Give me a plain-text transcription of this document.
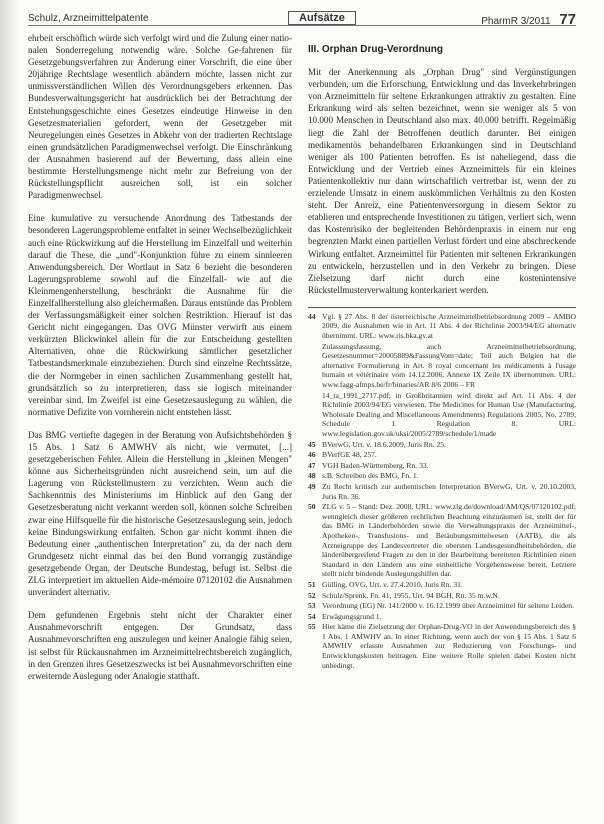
Schulz, Arzneimittelpatente	Aufsätze	PharmR 3/2011 77

ehrbeit erschöflich würde sich verfolgt wird und die Zulung einer natio-nalen Sonderregelung notwendig wäre. Solche Ge-fahrenen für Gesetzgebungsverfahren zur Änderung einer Vorschrift, die eine über 20jährige Rechtslage wesentlich abändern möchte, lassen nicht zur unmissverständlichen Willen des Verordnungsgebers erkennen. Das Bundesverwaltungsgericht hat ausdrücklich bei der Betrachtung der Entstehungsgeschichte eines Gesetzes eindeutige Hinweise in den Gesetzesmaterialien gefordert, wenn der Gesetzgeber mit Neuregelungen eines Gesetzes in Abkehr von der tradierten Rechtslage einen grundsätzlichen Paradigmenwechsel verfolgt. Die Einschränkung der Ausnahmen basierend auf der Bewertung, dass allein eine bestimmte Herstellungsmenge nicht mehr zur Befreiung von der Rückstellungspflicht ausreichen soll, ist ein solcher Paradigmenwechsel.

Eine kumulative zu versuchende Anordnung des Tatbestands der besonderen Lagerungsprobleme entfaltet in seiner Wechselbezüglichkeit auch eine Rückwirkung auf die Herstellung im Einzelfall und weiterhin darauf die These, die „und"-Konjunktion führe zu einem sinnleeren Anwendungsbereich. Der Wortlaut in Satz 6 bezieht die besonderen Lagerungsprobleme sowohl auf die Einzelfall- wie auf die Kleinmengenherstellung, beschränkt die Ausnahme für die Einzelfallherstellung also gleichermaßen. Daraus entstünde das Problem der Verfassungsmäßigkeit einer solchen Restriktion. Hierauf ist das Gericht nicht eingegangen. Das OVG Münster verwirft aus einem verkürzten Blickwinkel allein für die zur Entscheidung gestellten Alternativen, ohne die Rückwirkung sämtlicher gesetzlicher Tatbestandsmerkmale einzubeziehen. Durch sind einzelne Rechtssätze, die der Normgeber in einen sachlichen Zusammenhang gestellt hat, grundsätzlich so zu interpretieren, dass sie logisch miteinander vereinbar sind. Im Zweifel ist eine Gesetzesauslegung zu wählen, die normative Defizite von vornherein nicht entstehen lässt.

Das BMG vertiefte dagegen in der Beratung von Aufsichtsbehörden § 15 Abs. 1 Satz 6 AMWHV als nicht, wie vermutet, [...] gesetzgeberischen Fehler. Allein die Herstellung in „kleinen Mengen" könne aus Sicherheitsgründen nicht ausreichend sein, um auf die Lagerung von Rückstellmustern zu verzichten. Wenn auch die Sachkenntnis des Ministeriums im Hinblick auf den Gang der Gesetzesberatung nicht verkannt werden soll, können solche Schreiben zwar eine Hilfsquelle für die historische Gesetzesauslegung sein, jedoch keine Bindungswirkung entfalten. Schon gar nicht kommt ihnen die Bedeutung einer „authentischen Interpretation" zu, da der nach dem Grundgesetz nicht einmal das bei den Bund vorrangig zuständige gesetzgebende Organ, der Deutsche Bundestag, befugt ist. Selbst die ZLG interpretiert im aktuellen Aide-mémoire 07120102 die Ausnahmen unverändert alternativ.

Dem gefundenen Ergebnis steht nicht der Charakter einer Ausnahmevorschrift entgegen. Der Grundsatz, dass Ausnahmevorschriften eng auszulegen und keiner Analogie fähig seien, ist selbst für Rückausnahmen im Arzneimittelrechtsbereich zugänglich, in den Grenzen ihres Gesetzeszwecks ist bei Ausnahmevorschriften eine erweiternde Auslegung oder Analogie statthaft.

III. Orphan Drug-Verordnung

Mit der Anerkennung als „Orphan Drug" sind Vergünstigungen verbunden, um die Erforschung, Entwicklung und das Inverkehrbringen von Arzneimitteln für seltene Erkrankungen attraktiv zu gestalten. Eine Erkrankung wird als selten bezeichnet, wenn sie weniger als 5 von 10.000 Menschen in Deutschland also max. 40.000 betrifft. Regelmäßig liegt die Zahl der Betroffenen deutlich darunter. Bei einigen medikamentös behandelbaren Erkrankungen sind in Deutschland weniger als 100 Patienten betroffen. Es ist naheliegend, dass die Entwicklung und der Vertrieb eines Arzneimittels für ein kleines Patientenkollektiv nur dann wirtschaftlich vertretbar ist, wenn der zu erzielende Umsatz in einem auskömmlichen Verhältnis zu den Kosten steht. Der Anreiz, eine Patientenversorgung in diesem Sektor zu etablieren und entsprechende Investitionen zu tätigen, verliert sich, wenn das Kostenrisiko der begleitenden Behördenpraxis in einem nur eng begrenzten Markt einen partiellen Verlust fördert und eine abschreckende Wirkung entfaltet. Arzneimittel für Patienten mit seltenen Erkrankungen zu entwickeln, herzustellen und in den Verkehr zu bringen. Diese Zielsetzung darf nicht durch eine kostenintensive Rückstellmusterverwaltung konterkariert werden.

44 Vgl. § 27 Abs. 8 der österreichische Arzneimittelbetriebsordnung 2009 – AMBO 2009, die Ausnahmen wie in Art. 11 Abs. 4 der Richtlinie 2003/94/EG alternativ übernimmt. URL: www.ris.bka.gv.at
Zulassungsfassung, auch Arzneimittelbetriebsordnung, Gesetzesnummer=20005889&FassungVom=date; Teil auch Belgien hat die alternative Formulierung in Art. 8 royal concernant les médicaments à l'usage humain et vétérinaire vom 14.12.2006, Annexe IX Zeile IX übernommen. URL: www.fagg-afmps.be/fr/binaries/AR 8/6 2006 – FR
14_ta_1991_2717.pdf; in Großbritannien wird direkt auf Art. 11 Abs. 4 der Richtlinie 2003/94/EG verwiesen, The Medicines for Human Use (Manufacturing, Wholesale Dealing and Miscellaneous Amendments) Regulations 2005, No. 2789, Schedule 1 Regulation 8. URL: www.legislation.gov.uk/uksi/2005/2789/schedule/1/made
45 BVerwG, Urt. v. 18.6.2009, Juris Rn. 25.
46 BVerfGE 48, 257.
47 VGH Baden-Württemberg, Rn. 33.
48 s.B. Schreiben des BMG, Fn. 1.
49 Zu Recht kritisch zur authentischen Interpretation BVerwG, Urt. v. 20.10.2003, Juris Rn. 36.
50 ZLG v. 5 – Stand: Dez. 2008, URL: www.zlg.de/download/AM/QS/07120102.pdf; wenngleich dieser größeren rechtlichen Beachtung einzuräumen ist, stellt der für das BMG in Länderbehörden sowie die Verwaltungspraxis der Arzneimittel-, Apotheken-, Transfusions- und Betäubungsmittelwesen (AATB), die als Arzneigruppe des Landesvertreter die obersten Landesgesundheitsbehörden, die länderübergreifend Fragen zu den in der Bearbeitung bereiteten Richtlinien einen Standard in den Ländern aus eine einheitliche Vorgehensweise bereit. Letztere stellt nicht bindende Auslegungshilfen dar.
51 Gülling, OVG, Urt. v. 27.4.2010, Juris Rn. 31.
52 Schulz/Sprenk, Fn. 41, 1955, Urt. 94 BGH, Rn. 35 m.w.N.
53 Verordnung (EG) Nr. 141/2000 v. 16.12.1999 über Arzneimittel für seltene Leiden.
54 Erwägungsgrund 1.
55 Hier käme die Zielsetzung der Orphan-Drug-VO in der Anwendungsbereich des § 1 Abs. 1 AMWHV an. In einer Richtung, wenn auch der von § 15 Abs. 1 Satz 6 AMWHV erfasste Ausnahmen zur Reduzierung von Forschungs- und Entwicklungskosten beitragen. Eine weitere Rolle spielen dabei Kosten nicht unbedingt.
